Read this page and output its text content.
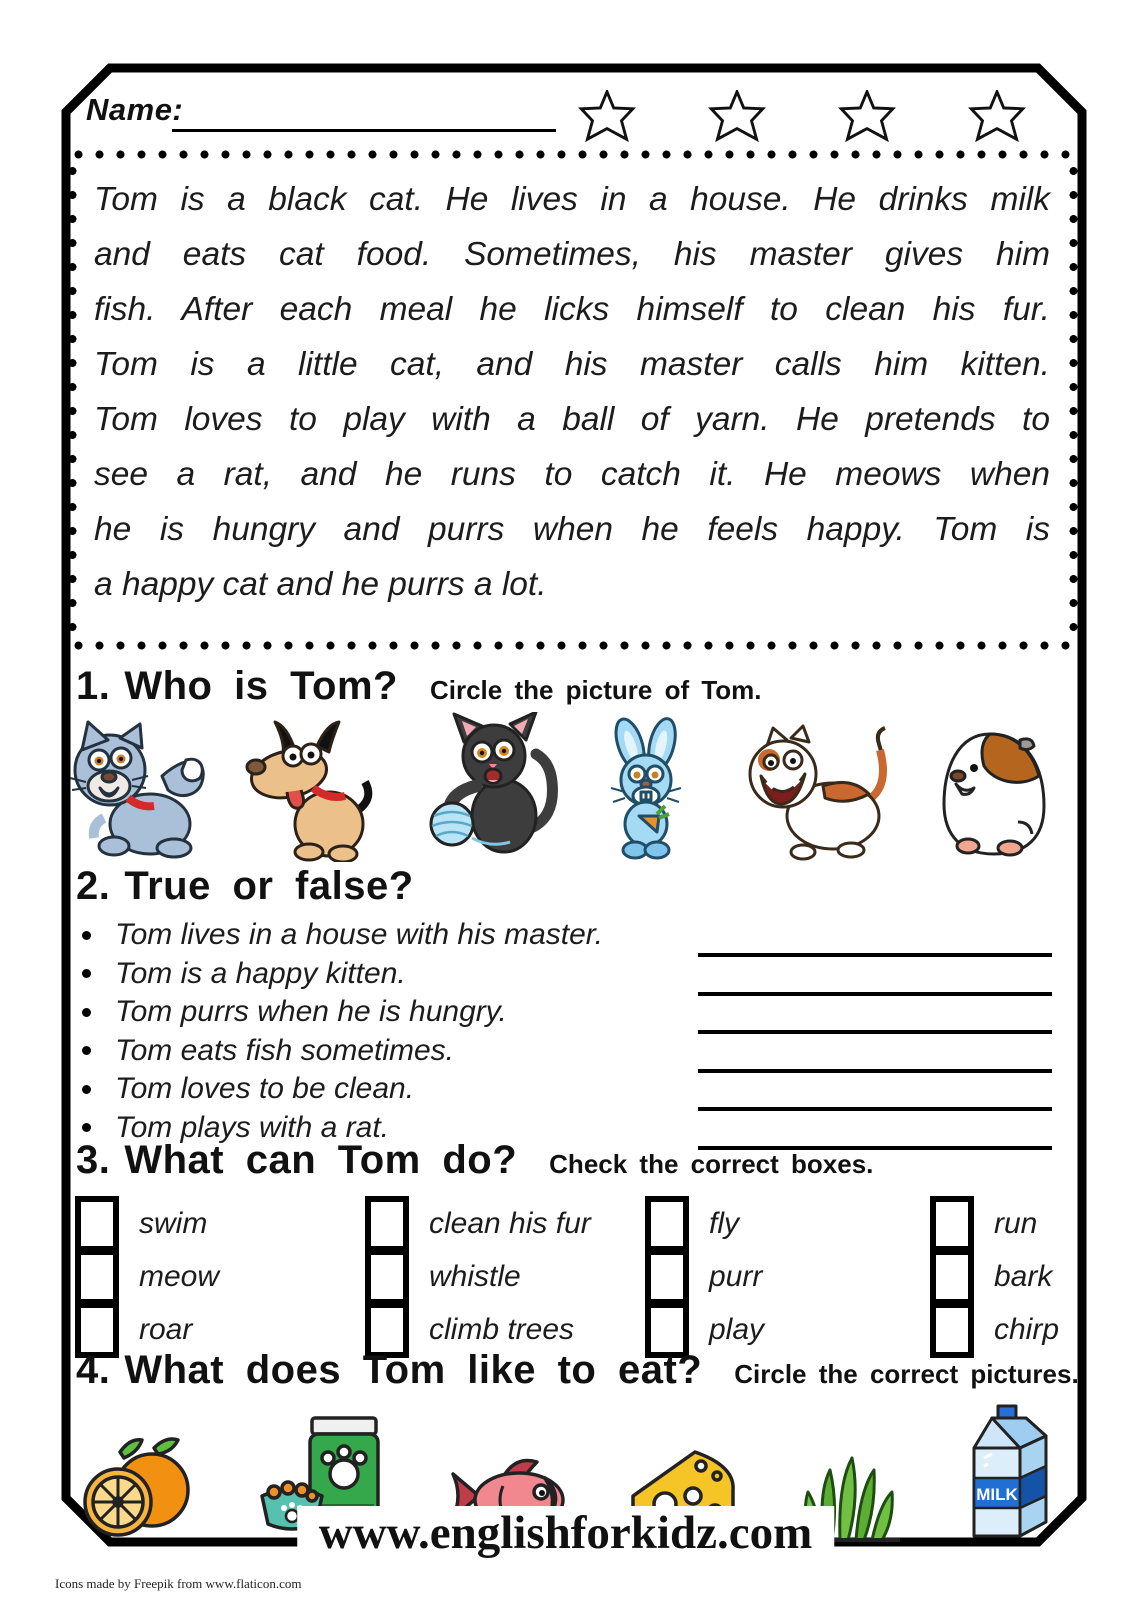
Name:
Tom is a black cat. He lives in a house. He drinks milk
and eats cat food. Sometimes, his master gives him
fish. After each meal he licks himself to clean his fur.
Tom is a little cat, and his master calls him kitten.
Tom loves to play with a ball of yarn. He pretends to
see a rat, and he runs to catch it. He meows when
he is hungry and purrs when he feels happy. Tom is
a happy cat and he purrs a lot.
1. Who is Tom? Circle the picture of Tom.
2. True or false?
Tom lives in a house with his master.
Tom is a happy kitten.
Tom purrs when he is hungry.
Tom eats fish sometimes.
Tom loves to be clean.
Tom plays with a rat.
3. What can Tom do? Check the correct boxes.
swim
meow
roar
clean his fur
whistle
climb trees
fly
purr
play
run
bark
chirp
4. What does Tom like to eat? Circle the correct pictures.
MILK
www.englishforkidz.com
Icons made by Freepik from www.flaticon.com
